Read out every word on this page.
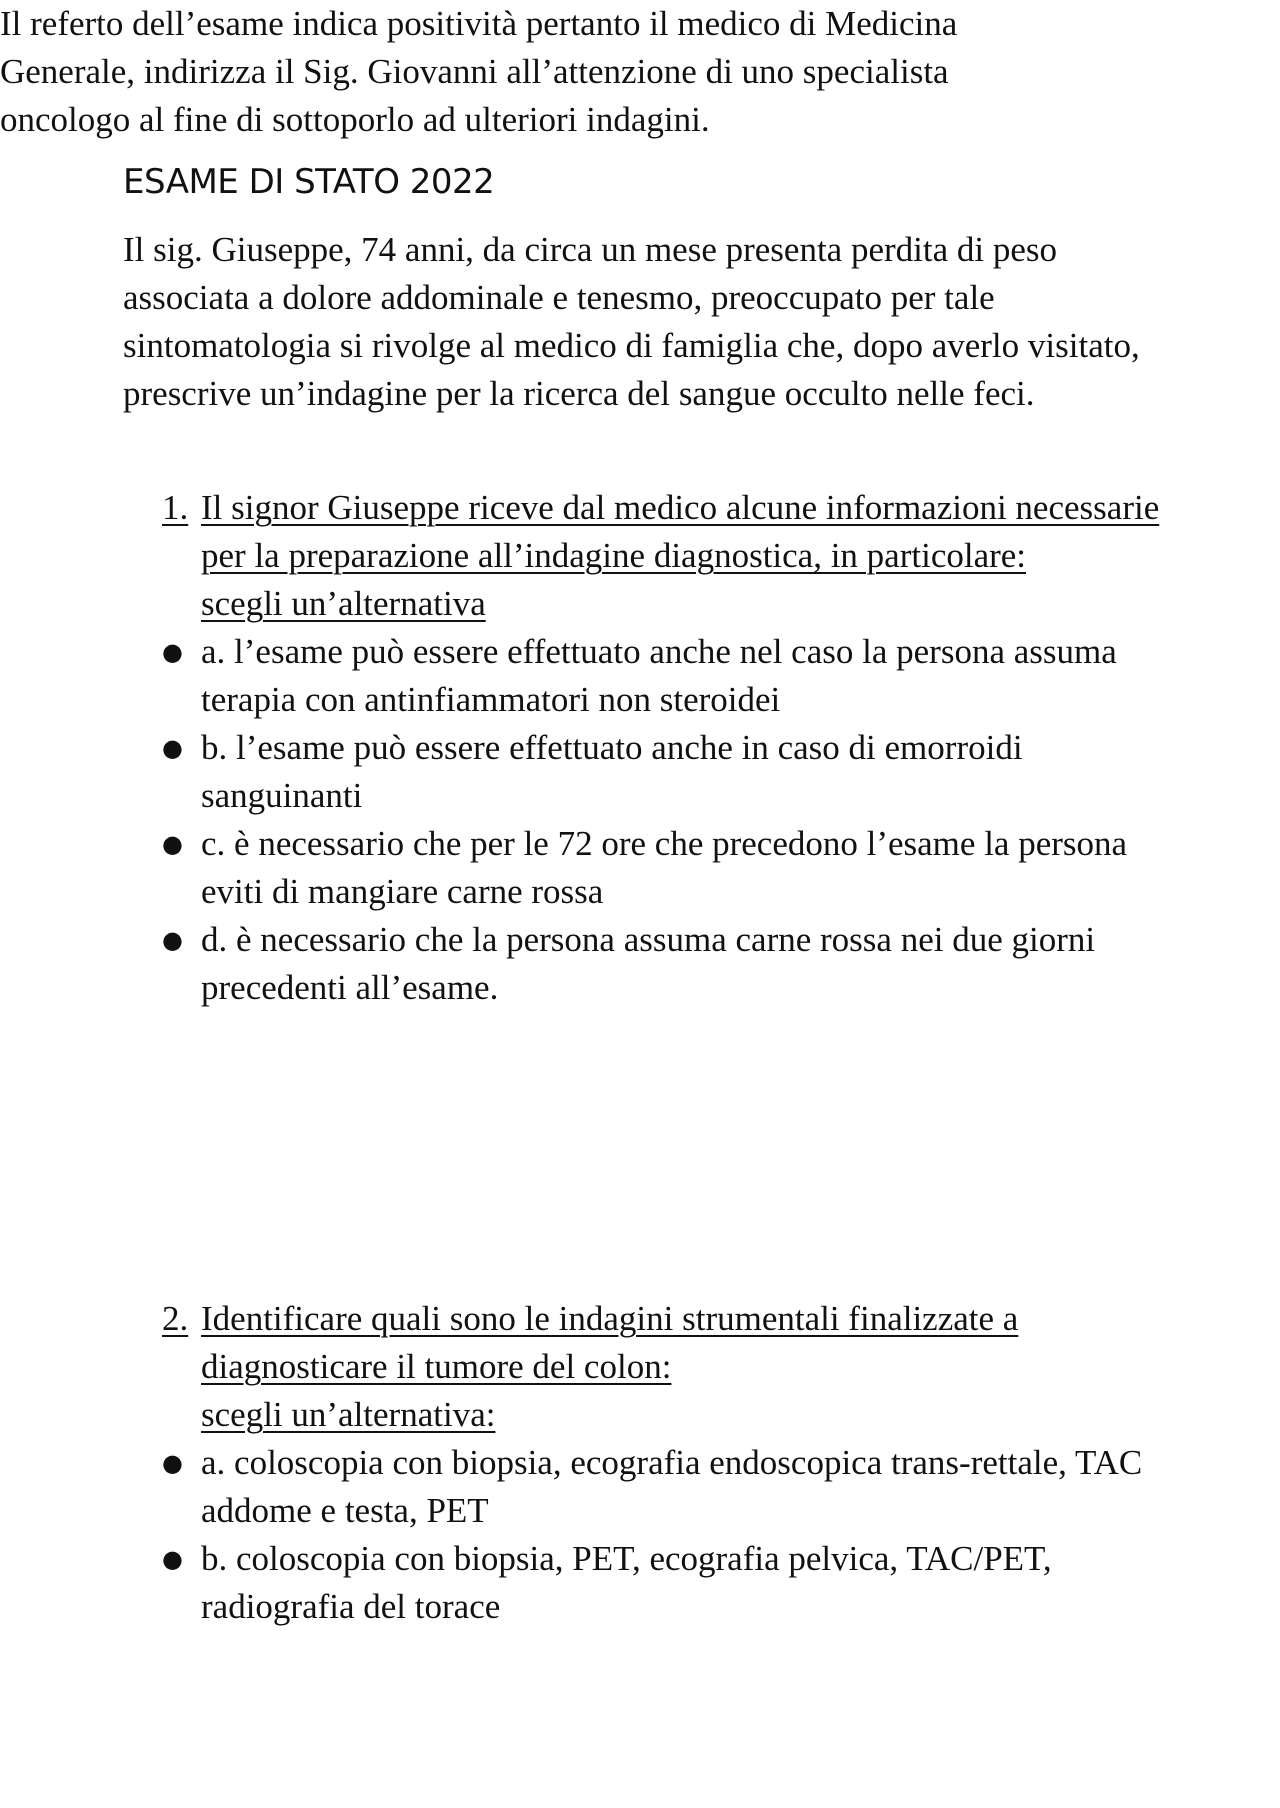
ESAME DI STATO 2022

Il sig. Giuseppe, 74 anni, da circa un mese presenta perdita di peso associata a dolore addominale e tenesmo, preoccupato per tale sintomatologia si rivolge al medico di famiglia che, dopo averlo visitato, prescrive un’indagine per la ricerca del sangue occulto nelle feci.

1. Il signor Giuseppe riceve dal medico alcune informazioni necessarie per la preparazione all’indagine diagnostica, in particolare:
scegli un’alternativa
● a. l’esame può essere effettuato anche nel caso la persona assuma terapia con antinfiammatori non steroidei
● b. l’esame può essere effettuato anche in caso di emorroidi sanguinanti
● c. è necessario che per le 72 ore che precedono l’esame la persona eviti di mangiare carne rossa
● d. è necessario che la persona assuma carne rossa nei due giorni precedenti all’esame.

Il referto dell’esame indica positività pertanto il medico di Medicina Generale, indirizza il Sig. Giovanni all’attenzione di uno specialista oncologo al fine di sottoporlo ad ulteriori indagini.

2. Identificare quali sono le indagini strumentali finalizzate a diagnosticare il tumore del colon:
scegli un’alternativa:
● a. coloscopia con biopsia, ecografia endoscopica trans-rettale, TAC addome e testa, PET
● b. coloscopia con biopsia, PET, ecografia pelvica, TAC/PET, radiografia del torace
